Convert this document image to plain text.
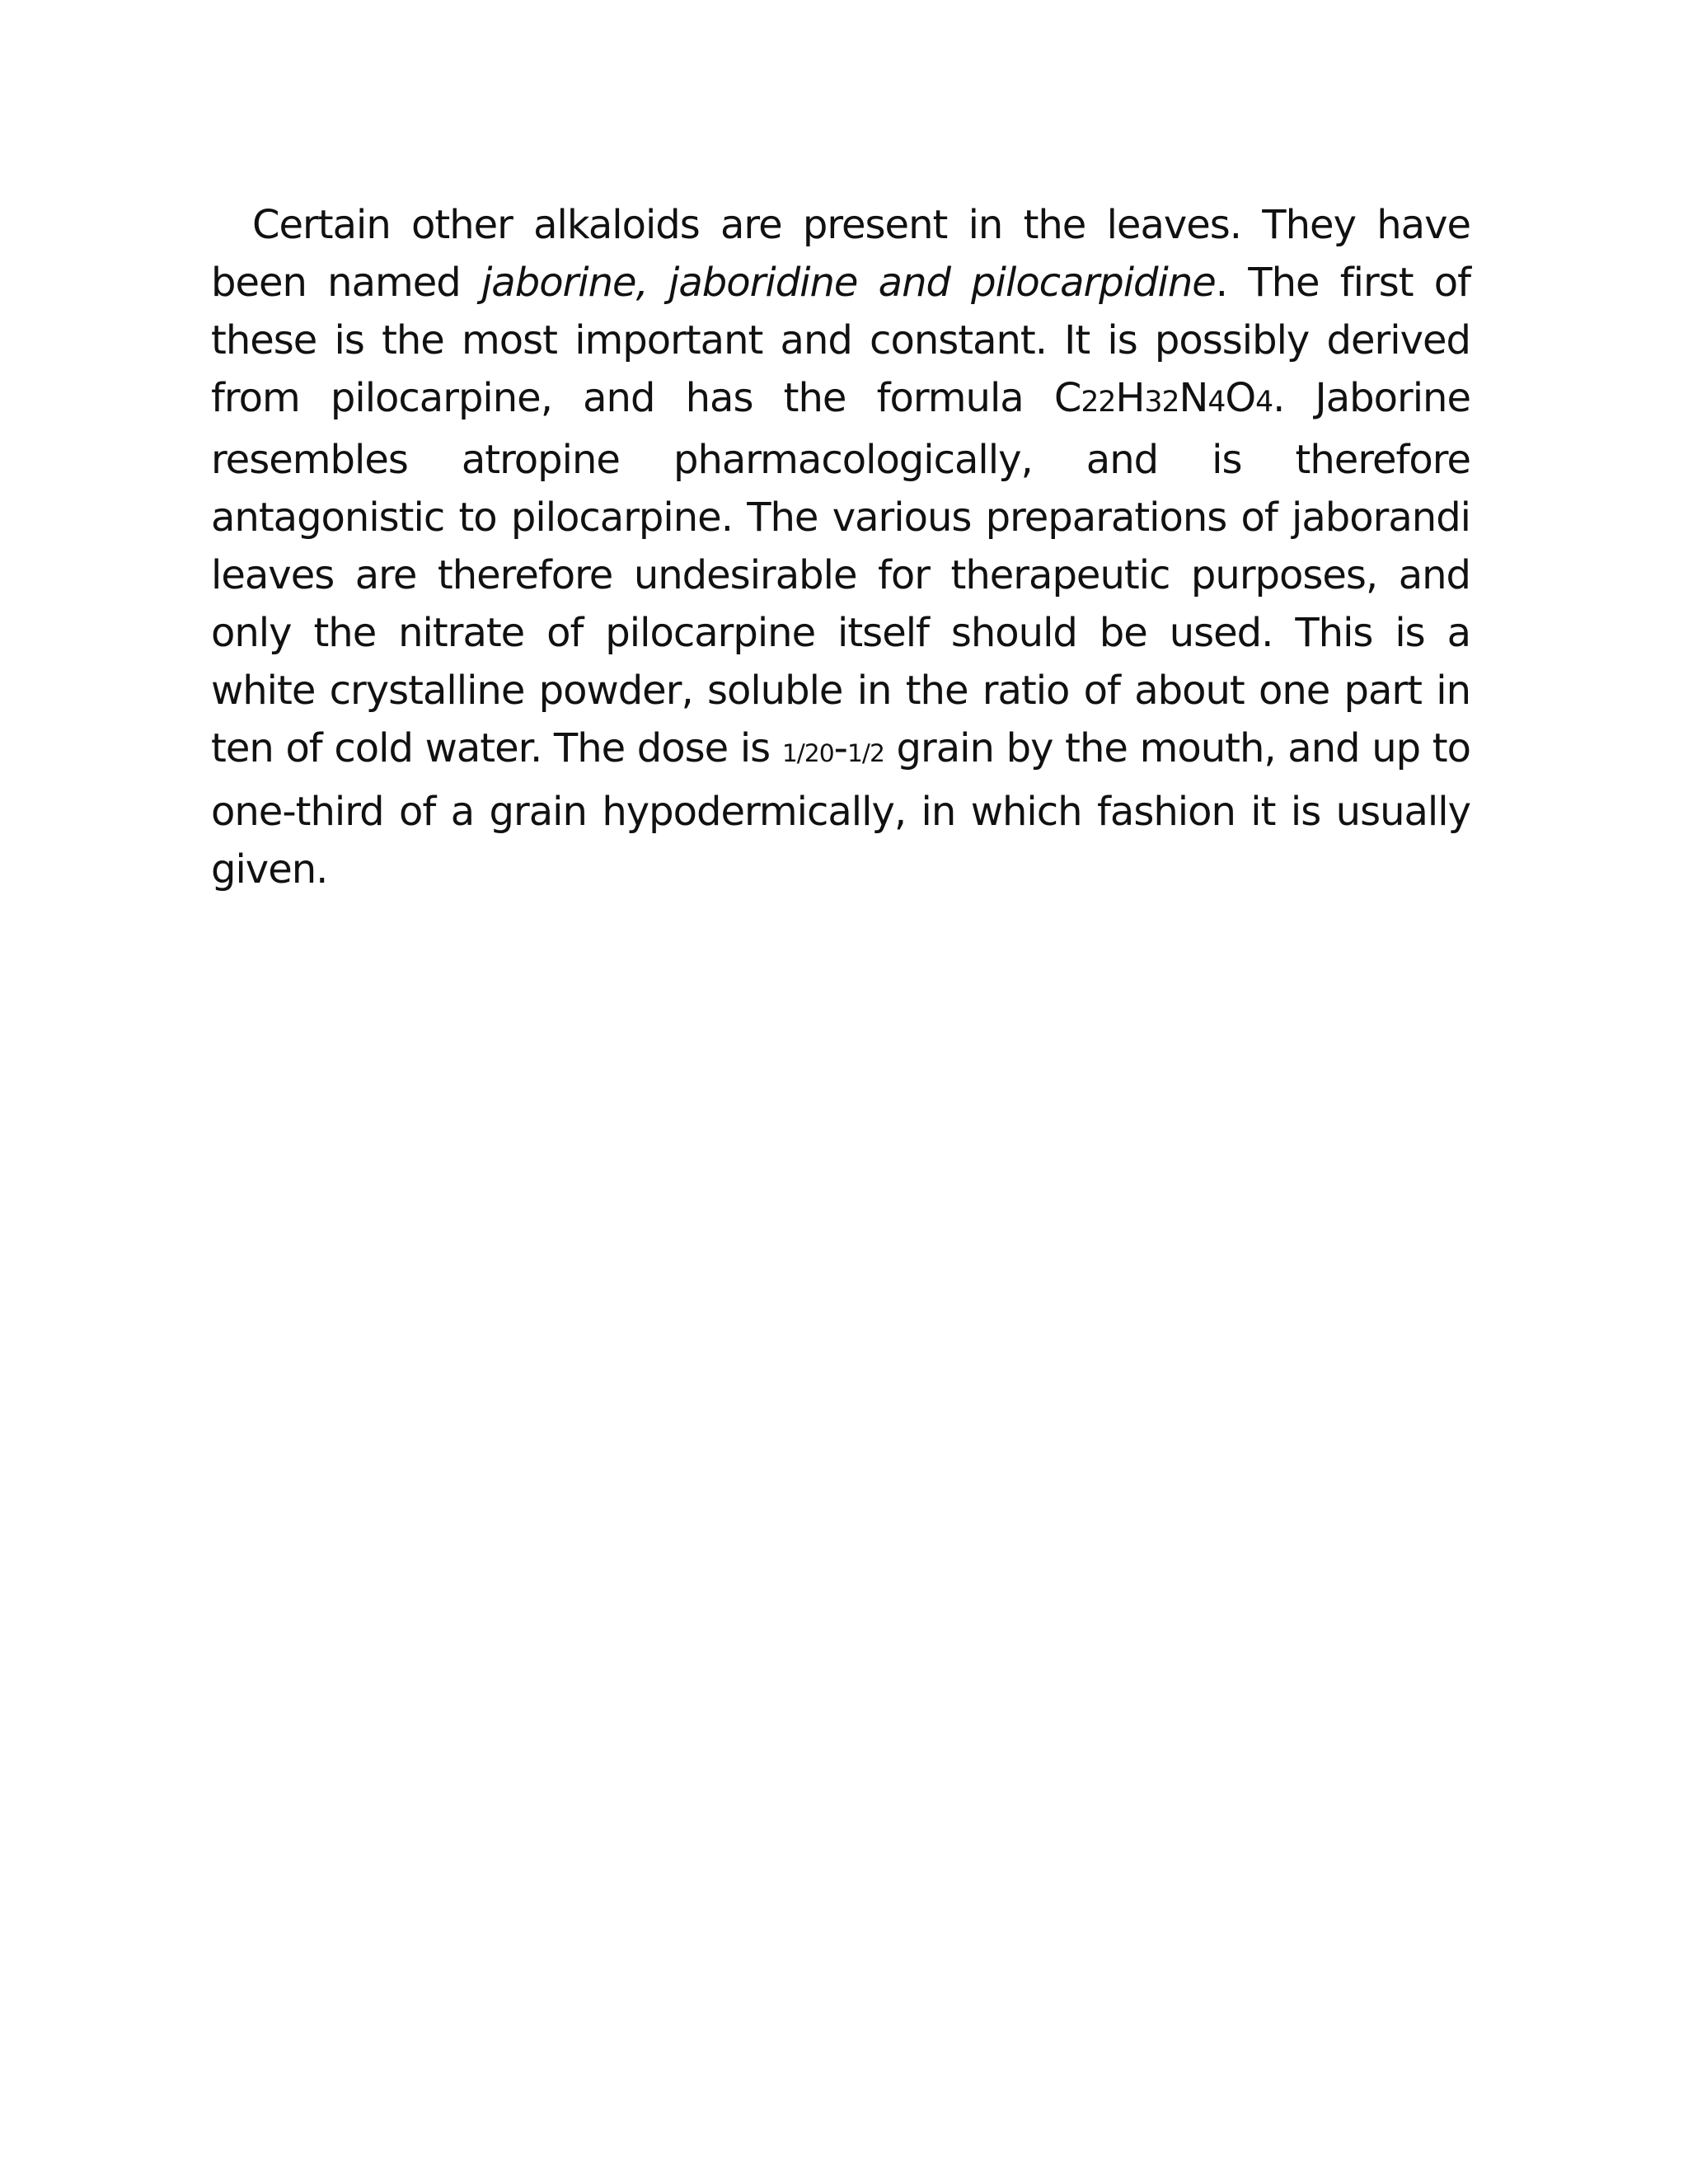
Certain other alkaloids are present in the leaves. They have been named jaborine, jaboridine and pilocarpidine. The first of these is the most important and constant. It is possibly derived from pilocarpine, and has the formula C22H32N4O4. Jaborine resembles atropine pharmacologically, and is therefore antagonistic to pilocarpine. The various preparations of jaborandi leaves are therefore undesirable for therapeutic purposes, and only the nitrate of pilocarpine itself should be used. This is a white crystalline powder, soluble in the ratio of about one part in ten of cold water. The dose is 1/20-1/2 grain by the mouth, and up to one-third of a grain hypodermically, in which fashion it is usually given.
